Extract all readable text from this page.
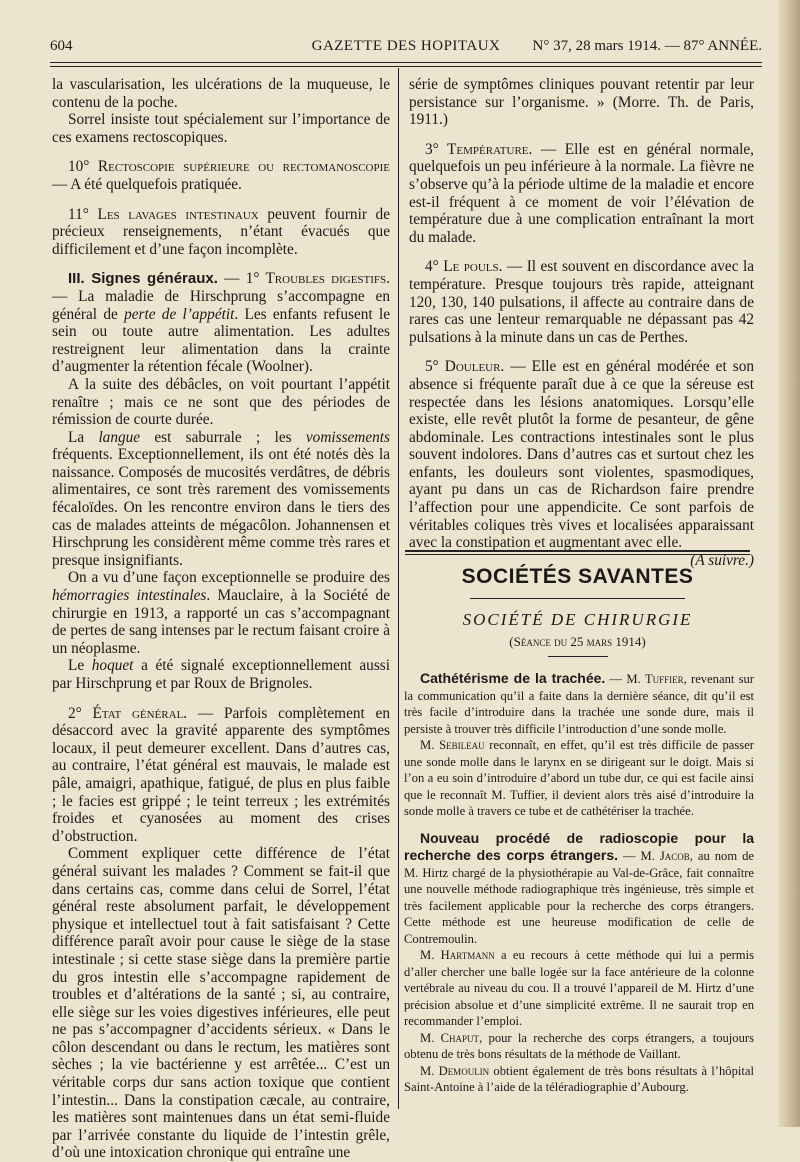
604	GAZETTE DES HOPITAUX	N° 37, 28 mars 1914. — 87° ANNÉE.

la vascularisation, les ulcérations de la muqueuse, le contenu de la poche.

Sorrel insiste tout spécialement sur l’importance de ces examens rectoscopiques.

10° Rectoscopie supérieure ou rectomanoscopie — A été quelquefois pratiquée.

11° Les lavages intestinaux peuvent fournir de précieux renseignements, n’étant évacués que difficilement et d’une façon incomplète.

III. Signes généraux. — 1° Troubles digestifs. — La maladie de Hirschprung s’accompagne en général de perte de l’appétit. Les enfants refusent le sein ou toute autre alimentation. Les adultes restreignent leur alimentation dans la crainte d’augmenter la rétention fécale (Woolner).

A la suite des débâcles, on voit pourtant l’appétit renaître ; mais ce ne sont que des périodes de rémission de courte durée.

La langue est saburrale ; les vomissements fréquents. Exceptionnellement, ils ont été notés dès la naissance. Composés de mucosités verdâtres, de débris alimentaires, ce sont très rarement des vomissements fécaloïdes. On les rencontre environ dans le tiers des cas de malades atteints de mégacôlon. Johannensen et Hirschprung les considèrent même comme très rares et presque insignifiants.

On a vu d’une façon exceptionnelle se produire des hémorragies intestinales. Mauclaire, à la Société de chirurgie en 1913, a rapporté un cas s’accompagnant de pertes de sang intenses par le rectum faisant croire à un néoplasme.

Le hoquet a été signalé exceptionnellement aussi par Hirschprung et par Roux de Brignoles.

2° État général. — Parfois complètement en désaccord avec la gravité apparente des symptômes locaux, il peut demeurer excellent. Dans d’autres cas, au contraire, l’état général est mauvais, le malade est pâle, amaigri, apathique, fatigué, de plus en plus faible ; le facies est grippé ; le teint terreux ; les extrémités froides et cyanosées au moment des crises d’obstruction.

Comment expliquer cette différence de l’état général suivant les malades ? Comment se fait-il que dans certains cas, comme dans celui de Sorrel, l’état général reste absolument parfait, le développement physique et intellectuel tout à fait satisfaisant ? Cette différence paraît avoir pour cause le siège de la stase intestinale ; si cette stase siège dans la première partie du gros intestin elle s’accompagne rapidement de troubles et d’altérations de la santé ; si, au contraire, elle siège sur les voies digestives inférieures, elle peut ne pas s’accompagner d’accidents sérieux. « Dans le côlon descendant ou dans le rectum, les matières sont sèches ; la vie bactérienne y est arrêtée... C’est un véritable corps dur sans action toxique que contient l’intestin... Dans la constipation cæcale, au contraire, les matières sont maintenues dans un état semi-fluide par l’arrivée constante du liquide de l’intestin grêle, d’où une intoxication chronique qui entraîne une

série de symptômes cliniques pouvant retentir par leur persistance sur l’organisme. » (Morre. Th. de Paris, 1911.)

3° Température. — Elle est en général normale, quelquefois un peu inférieure à la normale. La fièvre ne s’observe qu’à la période ultime de la maladie et encore est-il fréquent à ce moment de voir l’élévation de température due à une complication entraînant la mort du malade.

4° Le pouls. — Il est souvent en discordance avec la température. Presque toujours très rapide, atteignant 120, 130, 140 pulsations, il affecte au contraire dans de rares cas une lenteur remarquable ne dépassant pas 42 pulsations à la minute dans un cas de Perthes.

5° Douleur. — Elle est en général modérée et son absence si fréquente paraît due à ce que la séreuse est respectée dans les lésions anatomiques. Lorsqu’elle existe, elle revêt plutôt la forme de pesanteur, de gêne abdominale. Les contractions intestinales sont le plus souvent indolores. Dans d’autres cas et surtout chez les enfants, les douleurs sont violentes, spasmodiques, ayant pu dans un cas de Richardson faire prendre l’affection pour une appendicite. Ce sont parfois de véritables coliques très vives et localisées apparaissant avec la constipation et augmentant avec elle.

(A suivre.)
SOCIÉTÉS SAVANTES
SOCIÉTÉ DE CHIRURGIE
(Séance du 25 mars 1914)

Cathétérisme de la trachée. — M. Tuffier, revenant sur la communication qu’il a faite dans la dernière séance, dit qu’il est très facile d’introduire dans la trachée une sonde dure, mais il persiste à trouver très difficile l’introduction d’une sonde molle.

M. Sebileau reconnaît, en effet, qu’il est très difficile de passer une sonde molle dans le larynx en se dirigeant sur le doigt. Mais si l’on a eu soin d’introduire d’abord un tube dur, ce qui est facile ainsi que le reconnaît M. Tuffier, il devient alors très aisé d’introduire la sonde molle à travers ce tube et de cathétériser la trachée.

Nouveau procédé de radioscopie pour la recherche des corps étrangers. — M. Jacob, au nom de M. Hirtz chargé de la physiothérapie au Val-de-Grâce, fait connaître une nouvelle méthode radiographique très ingénieuse, très simple et très facilement applicable pour la recherche des corps étrangers. Cette méthode est une heureuse modification de celle de Contremoulin.

M. Hartmann a eu recours à cette méthode qui lui a permis d’aller chercher une balle logée sur la face antérieure de la colonne vertébrale au niveau du cou. Il a trouvé l’appareil de M. Hirtz d’une précision absolue et d’une simplicité extrême. Il ne saurait trop en recommander l’emploi.

M. Chaput, pour la recherche des corps étrangers, a toujours obtenu de très bons résultats de la méthode de Vaillant.

M. Demoulin obtient également de très bons résultats à l’hôpital Saint-Antoine à l’aide de la téléradiographie d’Aubourg.
